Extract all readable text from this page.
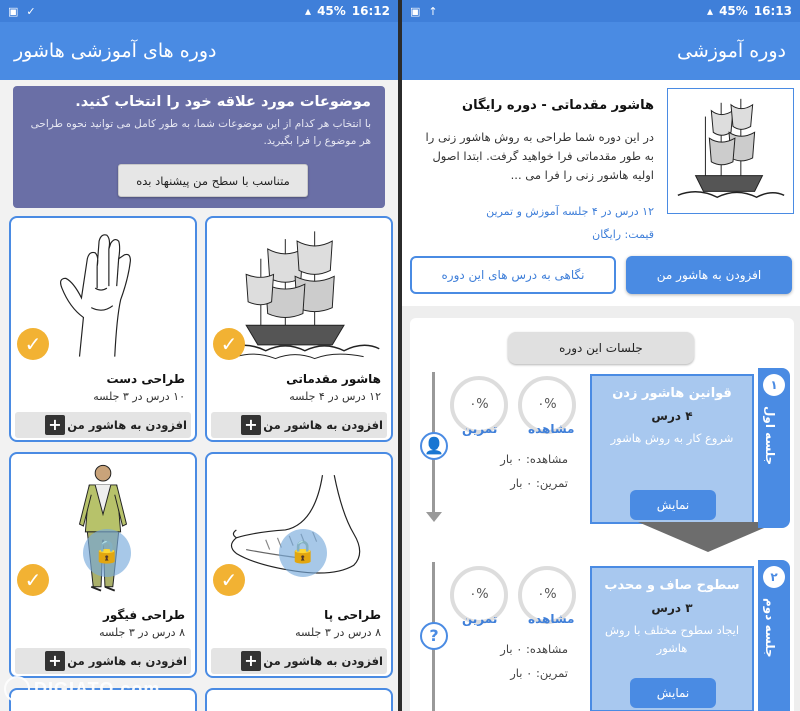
▣ ✓	▴ 45% 16:12
دوره های آموزشی هاشور
موضوعات مورد علاقه خود را انتخاب کنید.

با انتخاب هر کدام از این موضوعات شما، به طور کامل می توانید نحوه طراحی هر موضوع را فرا بگیرید.

متناسب با سطح من پیشنهاد بده
✓
هاشور مقدماتی
۱۲ درس در ۴ جلسه
افزودن به هاشور من
+
✓
طراحی دست
۱۰ درس در ۳ جلسه
افزودن به هاشور من
+
🔒
✓
طراحی پا
۸ درس در ۳ جلسه
افزودن به هاشور من
+
🔒
✓
طراحی فیگور
۸ درس در ۳ جلسه
افزودن به هاشور من
+
DIGIATO.com
▣ ↑	▴ 45% 16:13
دوره آموزشی
هاشور مقدماتی - دوره رایگان
در این دوره شما طراحی به روش هاشور زنی را به طور مقدماتی فرا خواهید گرفت. ابتدا اصول اولیه هاشور زنی را فرا می ...
۱۲ درس در ۴ جلسه آموزش و تمرین
قیمت: رایگان
افزودن به هاشور من
نگاهی به درس های این دوره
جلسات این دوره
👤
۰%	۰%
تمرین	مشاهده
مشاهده: ۰ بار
تمرین: ۰ بار
قوانین هاشور زدن
۴ درس
شروع کار به روش هاشور
نمایش
۱
جلسه اول
?
۰%	۰%
تمرین	مشاهده
مشاهده: ۰ بار
تمرین: ۰ بار
سطوح صاف و محدب
۳ درس
ایجاد سطوح مختلف با روش هاشور
نمایش
۲
جلسه دوم
